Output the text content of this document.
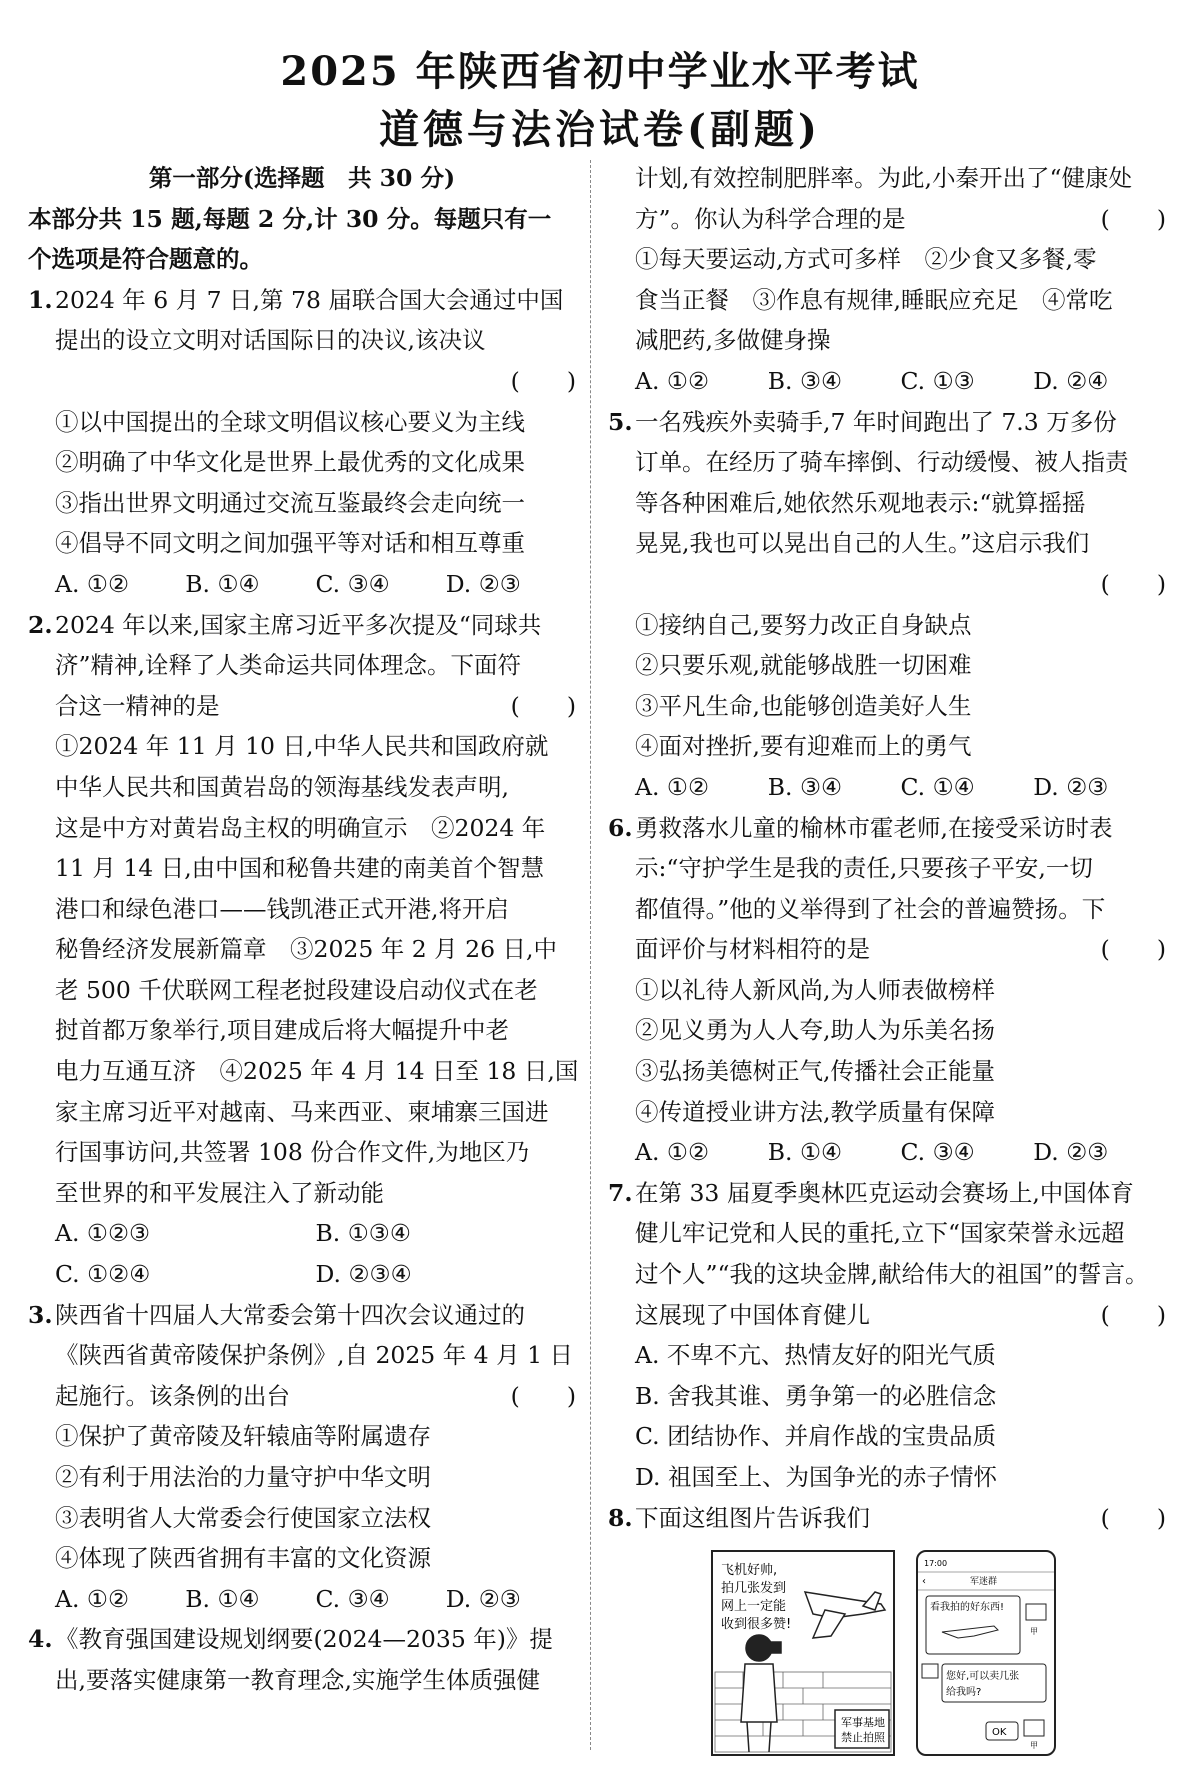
2025 年陕西省初中学业水平考试
道德与法治试卷(副题)
第一部分(选择题　共 30 分)
本部分共 15 题,每题 2 分,计 30 分。每题只有一
个选项是符合题意的。
1. 2024 年 6 月 7 日,第 78 届联合国大会通过中国
提出的设立文明对话国际日的决议,该决议
(　　)
①以中国提出的全球文明倡议核心要义为主线
②明确了中华文化是世界上最优秀的文化成果
③指出世界文明通过交流互鉴最终会走向统一
④倡导不同文明之间加强平等对话和相互尊重
A. ①②	B. ①④	C. ③④	D. ②③
2. 2024 年以来,国家主席习近平多次提及“同球共
济”精神,诠释了人类命运共同体理念。下面符
合这一精神的是	(　　)
①2024 年 11 月 10 日,中华人民共和国政府就
中华人民共和国黄岩岛的领海基线发表声明,
这是中方对黄岩岛主权的明确宣示　②2024 年
11 月 14 日,由中国和秘鲁共建的南美首个智慧
港口和绿色港口——钱凯港正式开港,将开启
秘鲁经济发展新篇章　③2025 年 2 月 26 日,中
老 500 千伏联网工程老挝段建设启动仪式在老
挝首都万象举行,项目建成后将大幅提升中老
电力互通互济　④2025 年 4 月 14 日至 18 日,国
家主席习近平对越南、马来西亚、柬埔寨三国进
行国事访问,共签署 108 份合作文件,为地区乃
至世界的和平发展注入了新动能
A. ①②③	B. ①③④
C. ①②④	D. ②③④
3. 陕西省十四届人大常委会第十四次会议通过的
《陕西省黄帝陵保护条例》,自 2025 年 4 月 1 日
起施行。该条例的出台	(　　)
①保护了黄帝陵及轩辕庙等附属遗存
②有利于用法治的力量守护中华文明
③表明省人大常委会行使国家立法权
④体现了陕西省拥有丰富的文化资源
A. ①②	B. ①④	C. ③④	D. ②③
4. 《教育强国建设规划纲要(2024—2035 年)》提
出,要落实健康第一教育理念,实施学生体质强健
计划,有效控制肥胖率。为此,小秦开出了“健康处
方”。你认为科学合理的是	(　　)
①每天要运动,方式可多样　②少食又多餐,零
食当正餐　③作息有规律,睡眠应充足　④常吃
减肥药,多做健身操
A. ①②	B. ③④	C. ①③	D. ②④
5. 一名残疾外卖骑手,7 年时间跑出了 7.3 万多份
订单。在经历了骑车摔倒、行动缓慢、被人指责
等各种困难后,她依然乐观地表示:“就算摇摇
晃晃,我也可以晃出自己的人生。”这启示我们
(　　)
①接纳自己,要努力改正自身缺点
②只要乐观,就能够战胜一切困难
③平凡生命,也能够创造美好人生
④面对挫折,要有迎难而上的勇气
A. ①②	B. ③④	C. ①④	D. ②③
6. 勇救落水儿童的榆林市霍老师,在接受采访时表
示:“守护学生是我的责任,只要孩子平安,一切
都值得。”他的义举得到了社会的普遍赞扬。下
面评价与材料相符的是	(　　)
①以礼待人新风尚,为人师表做榜样
②见义勇为人人夸,助人为乐美名扬
③弘扬美德树正气,传播社会正能量
④传道授业讲方法,教学质量有保障
A. ①②	B. ①④	C. ③④	D. ②③
7. 在第 33 届夏季奥林匹克运动会赛场上,中国体育
健儿牢记党和人民的重托,立下“国家荣誉永远超
过个人”“我的这块金牌,献给伟大的祖国”的誓言。
这展现了中国体育健儿	(　　)
A. 不卑不亢、热情友好的阳光气质
B. 舍我其谁、勇争第一的必胜信念
C. 团结协作、并肩作战的宝贵品质
D. 祖国至上、为国争光的赤子情怀
8. 下面这组图片告诉我们	(　　)
飞机好帅,
拍几张发到
网上一定能
收到很多赞!
军事基地
禁止拍照
17:00
‹	军迷群
看我拍的好东西!
甲
您好,可以卖几张
给我吗?
OK
甲
